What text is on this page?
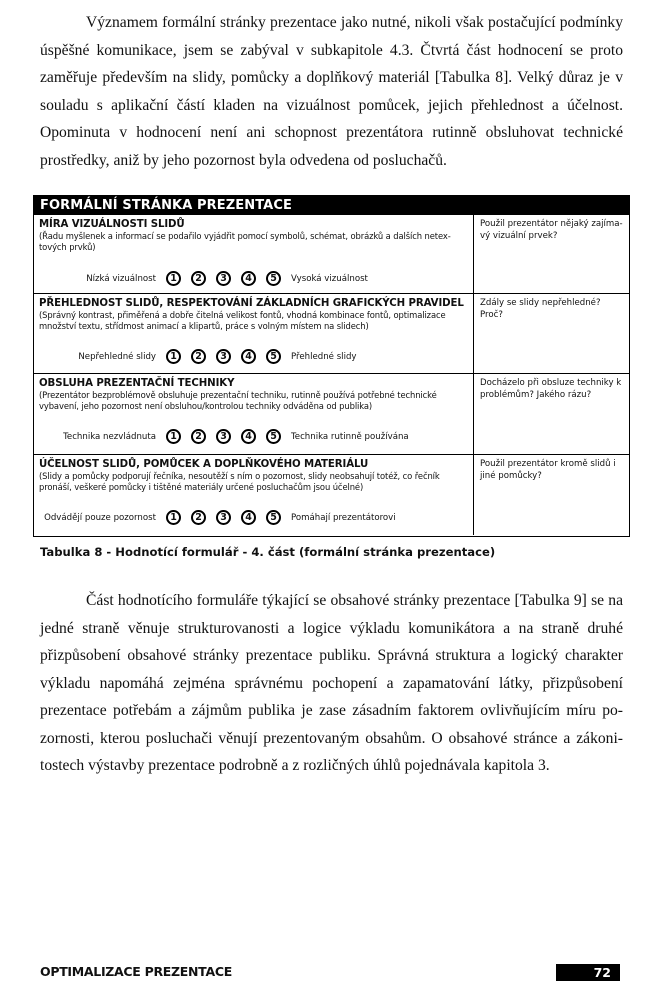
Významem formální stránky prezentace jako nutné, nikoli však postačující podmínky úspěšné komunikace, jsem se zabýval v subkapitole 4.3. Čtvrtá část hodnocení se proto zaměřuje především na slidy, pomůcky a doplňkový materiál [Tabulka 8]. Velký důraz je v souladu s aplikační částí kladen na vizuálnost pomůcek, jejich přehlednost a účelnost. Opominuta v hodnocení není ani schopnost prezentátora rutinně obsluhovat technické prostředky, aniž by jeho pozornost byla odvedena od posluchačů.

FORMÁLNÍ STRÁNKA PREZENTACE
MÍRA VIZUÁLNOSTI SLIDŮ
(Řadu myšlenek a informací se podařilo vyjádřit pomocí symbolů, schémat, obrázků a dalších netextových prvků)
Nízká vizuálnost	1	2	3	4	5	Vysoká vizuálnost
Použil prezentátor nějaký zajímavý vizuální prvek?
PŘEHLEDNOST SLIDŮ, RESPEKTOVÁNÍ ZÁKLADNÍCH GRAFICKÝCH PRAVIDEL
(Správný kontrast, přiměřená a dobře čitelná velikost fontů, vhodná kombinace fontů, optimalizace množství textu, střídmost animací a klipartů, práce s volným místem na slidech)
Nepřehledné slidy	1	2	3	4	5	Přehledné slidy
Zdály se slidy nepřehledné? Proč?
OBSLUHA PREZENTAČNÍ TECHNIKY
(Prezentátor bezproblémově obsluhuje prezentační techniku, rutinně používá potřebné technické vybavení, jeho pozornost není obsluhou/kontrolou techniky odváděna od publika)
Technika nezvládnuta	1	2	3	4	5	Technika rutinně používána
Docházelo při obsluze techniky k problémům? Jakého rázu?
ÚČELNOST SLIDŮ, POMŮCEK A DOPLŇKOVÉHO MATERIÁLU
(Slidy a pomůcky podporují řečníka, nesoutěží s ním o pozornost, slidy neobsahují totéž, co řečník pronáší, veškeré pomůcky i tištěné materiály určené posluchačům jsou účelné)
Odvádějí pouze pozornost	1	2	3	4	5	Pomáhají prezentátorovi
Použil prezentátor kromě slidů i jiné pomůcky?
Tabulka 8 - Hodnotící formulář - 4. část (formální stránka prezentace)

Část hodnotícího formuláře týkající se obsahové stránky prezentace [Tabulka 9] se na jedné straně věnuje strukturovanosti a logice výkladu komunikátora a na straně druhé přizpůsobení obsahové stránky prezentace publiku. Správná struktura a logický charakter výkladu napomáhá zejména správnému pochopení a zapamatování látky, přizpůsobení prezentace potřebám a zájmům publika je zase zásadním faktorem ovlivňujícím míru pozornosti, kterou posluchači věnují prezentovaným obsahům. O obsahové stránce a zákonitostech výstavby prezentace podrobně a z rozličných úhlů pojednávala kapitola 3.

OPTIMALIZACE PREZENTACE	72
